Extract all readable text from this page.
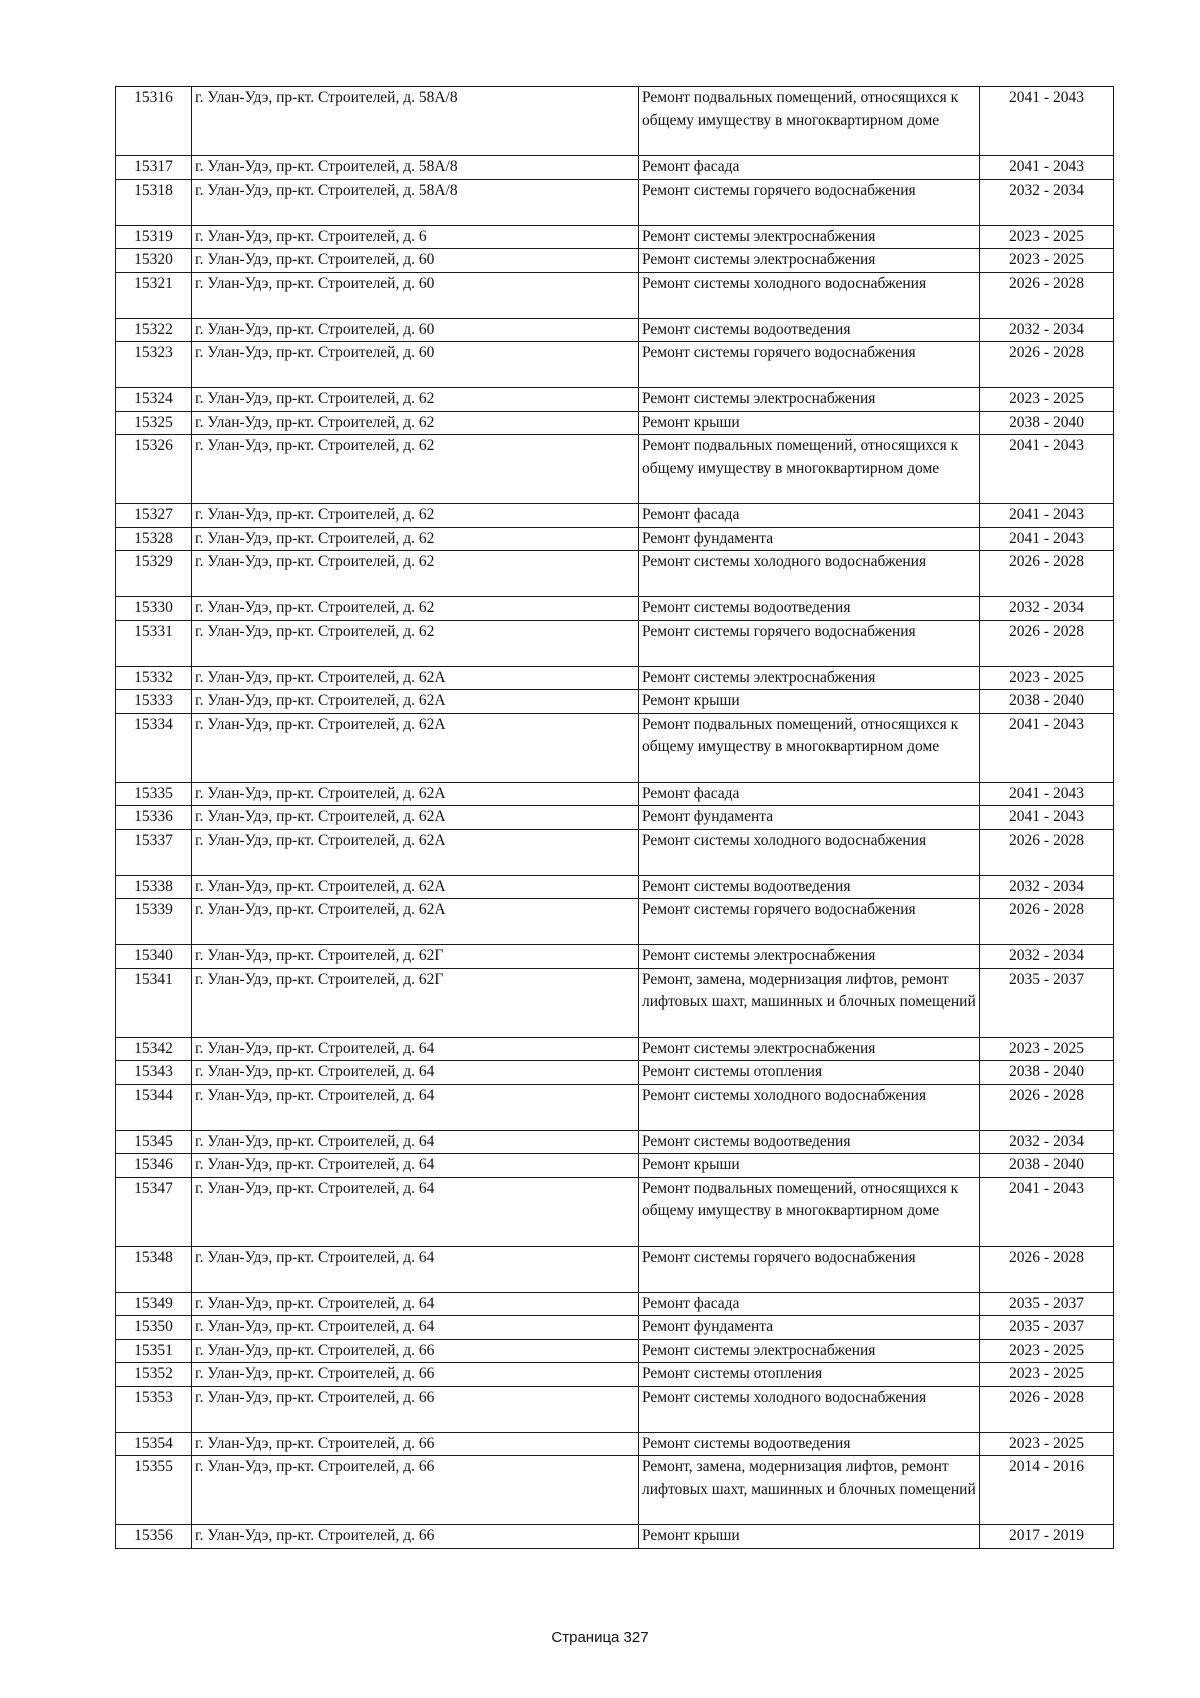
15316	г. Улан-Удэ, пр-кт. Строителей, д. 58А/8	Ремонт подвальных помещений, относящихся к общему имуществу в многоквартирном доме	2041 - 2043
15317	г. Улан-Удэ, пр-кт. Строителей, д. 58А/8	Ремонт фасада	2041 - 2043
15318	г. Улан-Удэ, пр-кт. Строителей, д. 58А/8	Ремонт системы горячего водоснабжения	2032 - 2034
15319	г. Улан-Удэ, пр-кт. Строителей, д. 6	Ремонт системы электроснабжения	2023 - 2025
15320	г. Улан-Удэ, пр-кт. Строителей, д. 60	Ремонт системы электроснабжения	2023 - 2025
15321	г. Улан-Удэ, пр-кт. Строителей, д. 60	Ремонт системы холодного водоснабжения	2026 - 2028
15322	г. Улан-Удэ, пр-кт. Строителей, д. 60	Ремонт системы водоотведения	2032 - 2034
15323	г. Улан-Удэ, пр-кт. Строителей, д. 60	Ремонт системы горячего водоснабжения	2026 - 2028
15324	г. Улан-Удэ, пр-кт. Строителей, д. 62	Ремонт системы электроснабжения	2023 - 2025
15325	г. Улан-Удэ, пр-кт. Строителей, д. 62	Ремонт крыши	2038 - 2040
15326	г. Улан-Удэ, пр-кт. Строителей, д. 62	Ремонт подвальных помещений, относящихся к общему имуществу в многоквартирном доме	2041 - 2043
15327	г. Улан-Удэ, пр-кт. Строителей, д. 62	Ремонт фасада	2041 - 2043
15328	г. Улан-Удэ, пр-кт. Строителей, д. 62	Ремонт фундамента	2041 - 2043
15329	г. Улан-Удэ, пр-кт. Строителей, д. 62	Ремонт системы холодного водоснабжения	2026 - 2028
15330	г. Улан-Удэ, пр-кт. Строителей, д. 62	Ремонт системы водоотведения	2032 - 2034
15331	г. Улан-Удэ, пр-кт. Строителей, д. 62	Ремонт системы горячего водоснабжения	2026 - 2028
15332	г. Улан-Удэ, пр-кт. Строителей, д. 62А	Ремонт системы электроснабжения	2023 - 2025
15333	г. Улан-Удэ, пр-кт. Строителей, д. 62А	Ремонт крыши	2038 - 2040
15334	г. Улан-Удэ, пр-кт. Строителей, д. 62А	Ремонт подвальных помещений, относящихся к общему имуществу в многоквартирном доме	2041 - 2043
15335	г. Улан-Удэ, пр-кт. Строителей, д. 62А	Ремонт фасада	2041 - 2043
15336	г. Улан-Удэ, пр-кт. Строителей, д. 62А	Ремонт фундамента	2041 - 2043
15337	г. Улан-Удэ, пр-кт. Строителей, д. 62А	Ремонт системы холодного водоснабжения	2026 - 2028
15338	г. Улан-Удэ, пр-кт. Строителей, д. 62А	Ремонт системы водоотведения	2032 - 2034
15339	г. Улан-Удэ, пр-кт. Строителей, д. 62А	Ремонт системы горячего водоснабжения	2026 - 2028
15340	г. Улан-Удэ, пр-кт. Строителей, д. 62Г	Ремонт системы электроснабжения	2032 - 2034
15341	г. Улан-Удэ, пр-кт. Строителей, д. 62Г	Ремонт, замена, модернизация лифтов, ремонт лифтовых шахт, машинных и блочных помещений	2035 - 2037
15342	г. Улан-Удэ, пр-кт. Строителей, д. 64	Ремонт системы электроснабжения	2023 - 2025
15343	г. Улан-Удэ, пр-кт. Строителей, д. 64	Ремонт системы отопления	2038 - 2040
15344	г. Улан-Удэ, пр-кт. Строителей, д. 64	Ремонт системы холодного водоснабжения	2026 - 2028
15345	г. Улан-Удэ, пр-кт. Строителей, д. 64	Ремонт системы водоотведения	2032 - 2034
15346	г. Улан-Удэ, пр-кт. Строителей, д. 64	Ремонт крыши	2038 - 2040
15347	г. Улан-Удэ, пр-кт. Строителей, д. 64	Ремонт подвальных помещений, относящихся к общему имуществу в многоквартирном доме	2041 - 2043
15348	г. Улан-Удэ, пр-кт. Строителей, д. 64	Ремонт системы горячего водоснабжения	2026 - 2028
15349	г. Улан-Удэ, пр-кт. Строителей, д. 64	Ремонт фасада	2035 - 2037
15350	г. Улан-Удэ, пр-кт. Строителей, д. 64	Ремонт фундамента	2035 - 2037
15351	г. Улан-Удэ, пр-кт. Строителей, д. 66	Ремонт системы электроснабжения	2023 - 2025
15352	г. Улан-Удэ, пр-кт. Строителей, д. 66	Ремонт системы отопления	2023 - 2025
15353	г. Улан-Удэ, пр-кт. Строителей, д. 66	Ремонт системы холодного водоснабжения	2026 - 2028
15354	г. Улан-Удэ, пр-кт. Строителей, д. 66	Ремонт системы водоотведения	2023 - 2025
15355	г. Улан-Удэ, пр-кт. Строителей, д. 66	Ремонт, замена, модернизация лифтов, ремонт лифтовых шахт, машинных и блочных помещений	2014 - 2016
15356	г. Улан-Удэ, пр-кт. Строителей, д. 66	Ремонт крыши	2017 - 2019
Страница 327
